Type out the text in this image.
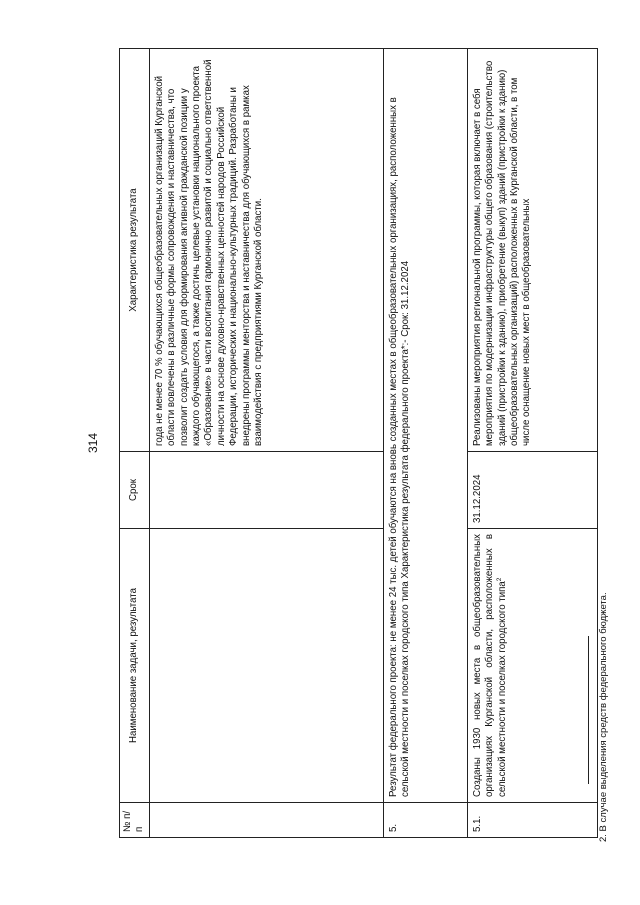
314
№ п/п	Наименование задачи, результата	Срок	Характеристика результата
			года не менее 70 % обучающихся общеобразовательных организаций Курганской области вовлечены в различные формы сопровождения и наставничества, что позволит создать условия для формирования активной гражданской позиции у каждого обучающегося, а также достичь целевые установки национального проекта «Образование» в части воспитания гармонично развитой и социально ответственной личности на основе духовно-нравственных ценностей народов Российской Федерации, исторических и национально-культурных традиций. Разработаны и внедрены программы менторства и наставничества для обучающихся в рамках взаимодействия с предприятиями Курганской области.
5.	Результат федерального проекта: не менее 24 тыс. детей обучаются на вновь созданных местах в общеобразовательных организациях, расположенных в сельской местности и поселках городского типа Характеристика результата федерального проекта*:- Срок: 31.12.2024		
5.1.	Созданы 1930 новых места в общеобразовательных организациях Курганской области, расположенных в сельской местности и поселках городского типа$^2$	31.12.2024	Реализованы мероприятия региональной программы, которая включает в себя мероприятия по модернизации инфраструктуры общего образования (строительство зданий (пристройки к зданию), приобретение (выкуп) зданий (пристройки к зданию) общеобразовательных организаций) расположенных в Курганской области, в том числе оснащение новых мест в общеобразовательных
2. В случае выделения средств федерального бюджета.
